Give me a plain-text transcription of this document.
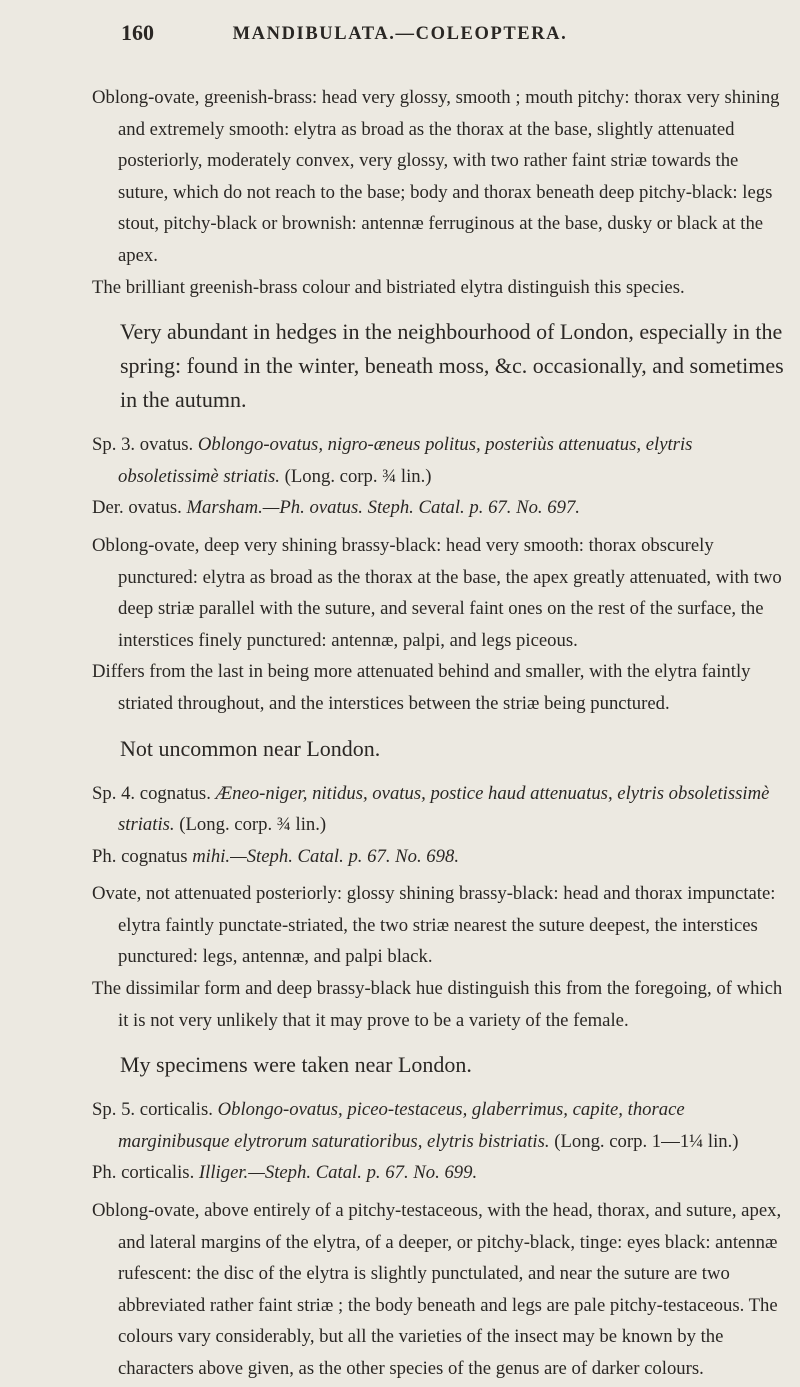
160	MANDIBULATA.—COLEOPTERA.

Oblong-ovate, greenish-brass: head very glossy, smooth ; mouth pitchy: thorax very shining and extremely smooth: elytra as broad as the thorax at the base, slightly attenuated posteriorly, moderately convex, very glossy, with two rather faint striæ towards the suture, which do not reach to the base; body and thorax beneath deep pitchy-black: legs stout, pitchy-black or brownish: antennæ ferruginous at the base, dusky or black at the apex.

The brilliant greenish-brass colour and bistriated elytra distinguish this species.

Very abundant in hedges in the neighbourhood of London, especially in the spring: found in the winter, beneath moss, &c. occasionally, and sometimes in the autumn.

Sp. 3. ovatus. Oblongo-ovatus, nigro-æneus politus, posteriùs attenuatus, elytris obsoletissimè striatis. (Long. corp. ¾ lin.)

Der. ovatus. Marsham.—Ph. ovatus. Steph. Catal. p. 67. No. 697.

Oblong-ovate, deep very shining brassy-black: head very smooth: thorax obscurely punctured: elytra as broad as the thorax at the base, the apex greatly attenuated, with two deep striæ parallel with the suture, and several faint ones on the rest of the surface, the interstices finely punctured: antennæ, palpi, and legs piceous.

Differs from the last in being more attenuated behind and smaller, with the elytra faintly striated throughout, and the interstices between the striæ being punctured.

Not uncommon near London.

Sp. 4. cognatus. Æneo-niger, nitidus, ovatus, postice haud attenuatus, elytris obsoletissimè striatis. (Long. corp. ¾ lin.)

Ph. cognatus mihi.—Steph. Catal. p. 67. No. 698.

Ovate, not attenuated posteriorly: glossy shining brassy-black: head and thorax impunctate: elytra faintly punctate-striated, the two striæ nearest the suture deepest, the interstices punctured: legs, antennæ, and palpi black.

The dissimilar form and deep brassy-black hue distinguish this from the foregoing, of which it is not very unlikely that it may prove to be a variety of the female.

My specimens were taken near London.

Sp. 5. corticalis. Oblongo-ovatus, piceo-testaceus, glaberrimus, capite, thorace marginibusque elytrorum saturatioribus, elytris bistriatis. (Long. corp. 1—1¼ lin.)

Ph. corticalis. Illiger.—Steph. Catal. p. 67. No. 699.

Oblong-ovate, above entirely of a pitchy-testaceous, with the head, thorax, and suture, apex, and lateral margins of the elytra, of a deeper, or pitchy-black, tinge: eyes black: antennæ rufescent: the disc of the elytra is slightly punctulated, and near the suture are two abbreviated rather faint striæ ; the body beneath and legs are pale pitchy-testaceous. The colours vary considerably, but all the varieties of the insect may be known by the characters above given, as the other species of the genus are of darker colours.
